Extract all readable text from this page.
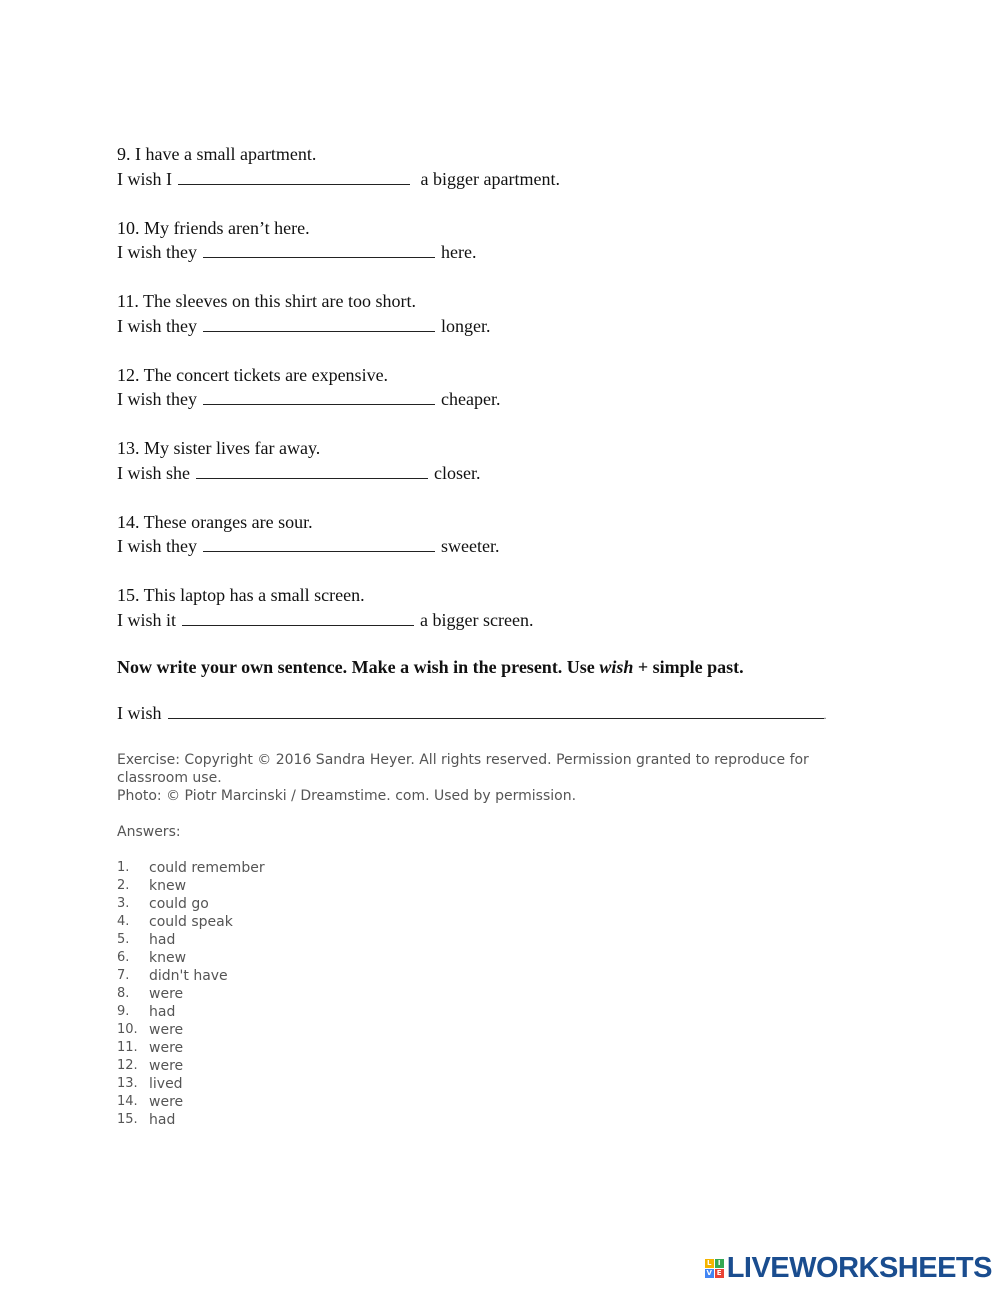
9. I have a small apartment.
I wish I	a bigger apartment.
10. My friends aren’t here.
I wish they	here.
11. The sleeves on this shirt are too short.
I wish they	longer.
12. The concert tickets are expensive.
I wish they	cheaper.
13. My sister lives far away.
I wish she	closer.
14. These oranges are sour.
I wish they	sweeter.
15. This laptop has a small screen.
I wish it	a bigger screen.
Now write your own sentence. Make a wish in the present. Use wish + simple past.
I wish	.
Exercise: Copyright © 2016 Sandra Heyer. All rights reserved. Permission granted to reproduce for classroom use.
Photo: © Piotr Marcinski / Dreamstime. com. Used by permission.
Answers:
1.	could remember
2.	knew
3.	could go
4.	could speak
5.	had
6.	knew
7.	didn't have
8.	were
9.	had
10. were
11. were
12. were
13. lived
14. were
15. had
L I
V E LIVEWORKSHEETS
